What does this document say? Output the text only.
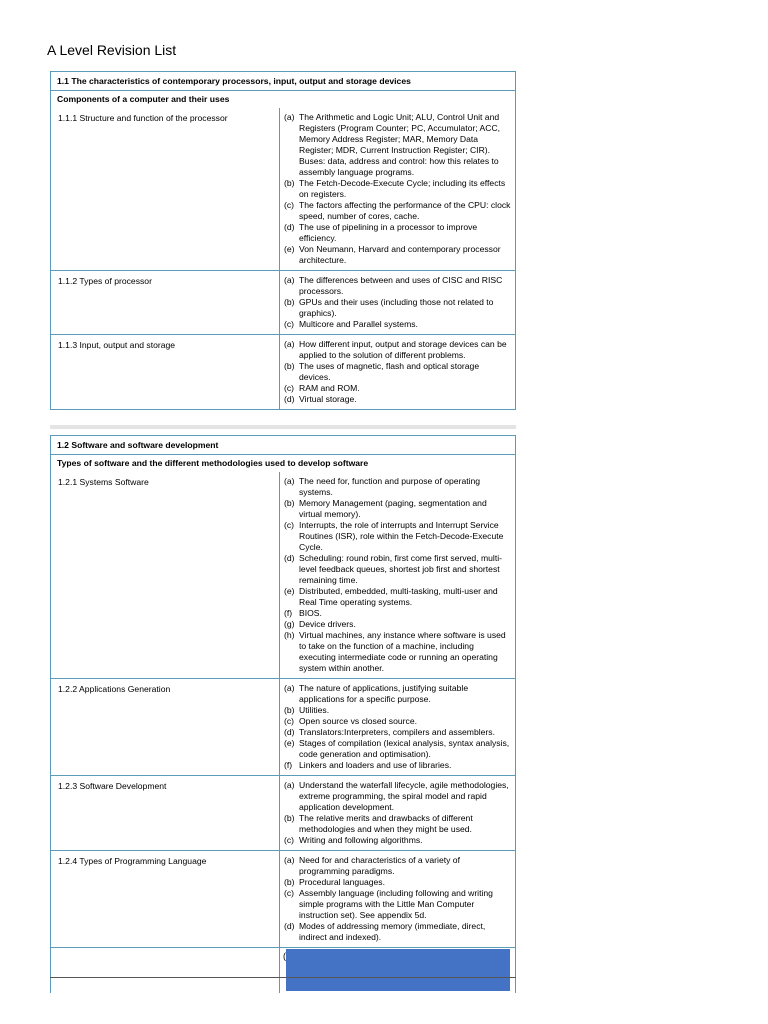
A Level Revision List
1.1 The characteristics of contemporary processors, input, output and storage devices
Components of a computer and their uses
1.1.1 Structure and function of the processor	(a) The Arithmetic and Logic Unit; ALU, Control Unit and Registers (Program Counter; PC, Accumulator; ACC, Memory Address Register; MAR, Memory Data Register; MDR, Current Instruction Register; CIR). Buses: data, address and control: how this relates to assembly language programs.
(b) The Fetch-Decode-Execute Cycle; including its effects on registers.
(c) The factors affecting the performance of the CPU: clock speed, number of cores, cache.
(d) The use of pipelining in a processor to improve efficiency.
(e) Von Neumann, Harvard and contemporary processor architecture.
1.1.2 Types of processor	(a) The differences between and uses of CISC and RISC processors.
(b) GPUs and their uses (including those not related to graphics).
(c) Multicore and Parallel systems.
1.1.3 Input, output and storage	(a) How different input, output and storage devices can be applied to the solution of different problems.
(b) The uses of magnetic, flash and optical storage devices.
(c) RAM and ROM.
(d) Virtual storage.
1.2 Software and software development
Types of software and the different methodologies used to develop software
1.2.1 Systems Software	(a) The need for, function and purpose of operating systems.
(b) Memory Management (paging, segmentation and virtual memory).
(c) Interrupts, the role of interrupts and Interrupt Service Routines (ISR), role within the Fetch-Decode-Execute Cycle.
(d) Scheduling: round robin, first come first served, multi-level feedback queues, shortest job first and shortest remaining time.
(e) Distributed, embedded, multi-tasking, multi-user and Real Time operating systems.
(f) BIOS.
(g) Device drivers.
(h) Virtual machines, any instance where software is used to take on the function of a machine, including executing intermediate code or running an operating system within another.
1.2.2 Applications Generation	(a) The nature of applications, justifying suitable applications for a specific purpose.
(b) Utilities.
(c) Open source vs closed source.
(d) Translators:Interpreters, compilers and assemblers.
(e) Stages of compilation (lexical analysis, syntax analysis, code generation and optimisation).
(f) Linkers and loaders and use of libraries.
1.2.3 Software Development	(a) Understand the waterfall lifecycle, agile methodologies, extreme programming, the spiral model and rapid application development.
(b) The relative merits and drawbacks of different methodologies and when they might be used.
(c) Writing and following algorithms.
1.2.4 Types of Programming Language	(a) Need for and characteristics of a variety of programming paradigms.
(b) Procedural languages.
(c) Assembly language (including following and writing simple programs with the Little Man Computer instruction set). See appendix 5d.
(d) Modes of addressing memory (immediate, direct, indirect and indexed).
(
